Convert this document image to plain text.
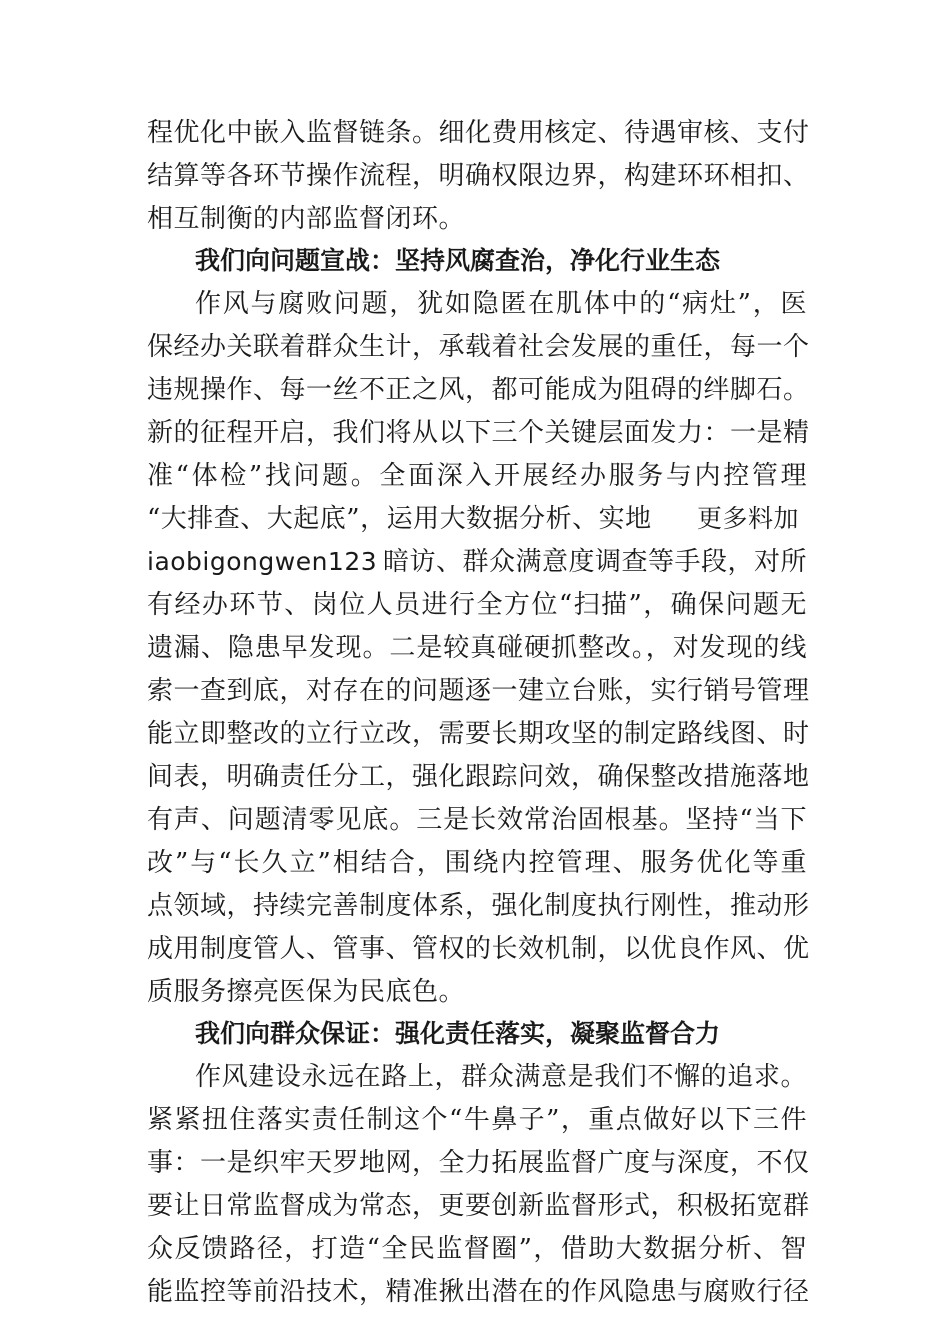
程优化中嵌入监督链条。细化费用核定、待遇审核、支付
结算等各环节操作流程，明确权限边界，构建环环相扣、
相互制衡的内部监督闭环。
我们向问题宣战：坚持风腐查治，净化行业生态
作风与腐败问题，犹如隐匿在肌体中的“病灶”，医
保经办关联着群众生计，承载着社会发展的重任，每一个
违规操作、每一丝不正之风，都可能成为阻碍的绊脚石。
新的征程开启，我们将从以下三个关键层面发力：一是精
准“体检”找问题。全面深入开展经办服务与内控管理
“大排查、大起底”，运用大数据分析、实地	更多料加
iaobigongwen123 暗访、群众满意度调查等手段，对所
有经办环节、岗位人员进行全方位“扫描”，确保问题无
遗漏、隐患早发现。二是较真碰硬抓整改。，对发现的线
索一查到底，对存在的问题逐一建立台账，实行销号管理
能立即整改的立行立改，需要长期攻坚的制定路线图、时
间表，明确责任分工，强化跟踪问效，确保整改措施落地
有声、问题清零见底。三是长效常治固根基。坚持“当下
改”与“长久立”相结合，围绕内控管理、服务优化等重
点领域，持续完善制度体系，强化制度执行刚性，推动形
成用制度管人、管事、管权的长效机制，以优良作风、优
质服务擦亮医保为民底色。
我们向群众保证：强化责任落实，凝聚监督合力
作风建设永远在路上，群众满意是我们不懈的追求。
紧紧扭住落实责任制这个“牛鼻子”，重点做好以下三件
事：一是织牢天罗地网，全力拓展监督广度与深度，不仅
要让日常监督成为常态，更要创新监督形式，积极拓宽群
众反馈路径，打造“全民监督圈”，借助大数据分析、智
能监控等前沿技术，精准揪出潜在的作风隐患与腐败行径
